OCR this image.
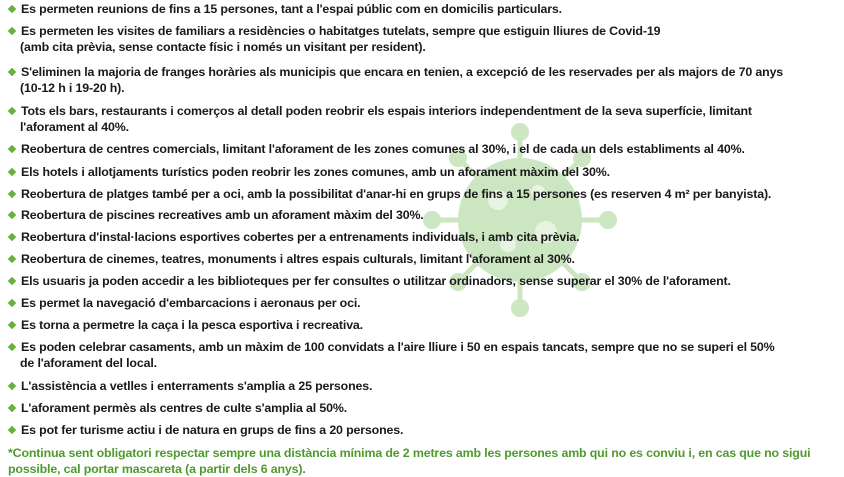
Es permeten reunions de fins a 15 persones, tant a l'espai públic com en domicilis particulars.
Es permeten les visites de familiars a residències o habitatges tutelats, sempre que estiguin lliures de Covid-19
(amb cita prèvia, sense contacte físic i només un visitant per resident).
S'eliminen la majoria de franges horàries als municipis que encara en tenien, a excepció de les reservades per als majors de 70 anys
(10-12 h i 19-20 h).
Tots els bars, restaurants i comerços al detall poden reobrir els espais interiors independentment de la seva superfície, limitant
l'aforament al 40%.
Reobertura de centres comercials, limitant l'aforament de les zones comunes al 30%, i el de cada un dels establiments al 40%.
Els hotels i allotjaments turístics poden reobrir les zones comunes, amb un aforament màxim del 30%.
Reobertura de platges també per a oci, amb la possibilitat d'anar-hi en grups de fins a 15 persones (es reserven 4 m² per banyista).
Reobertura de piscines recreatives amb un aforament màxim del 30%.
Reobertura d'instal·lacions esportives cobertes per a entrenaments individuals, i amb cita prèvia.
Reobertura de cinemes, teatres, monuments i altres espais culturals, limitant l'aforament al 30%.
Els usuaris ja poden accedir a les biblioteques per fer consultes o utilitzar ordinadors, sense superar el 30% de l'aforament.
Es permet la navegació d'embarcacions i aeronaus per oci.
Es torna a permetre la caça i la pesca esportiva i recreativa.
Es poden celebrar casaments, amb un màxim de 100 convidats a l'aire lliure i 50 en espais tancats, sempre que no se superi el 50%
de l'aforament del local.
L'assistència a vetlles i enterraments s'amplia a 25 persones.
L'aforament permès als centres de culte s'amplia al 50%.
Es pot fer turisme actiu i de natura en grups de fins a 20 persones.
*Continua sent obligatori respectar sempre una distància mínima de 2 metres amb les persones amb qui no es conviu i, en cas que no sigui
possible, cal portar mascareta (a partir dels 6 anys).
